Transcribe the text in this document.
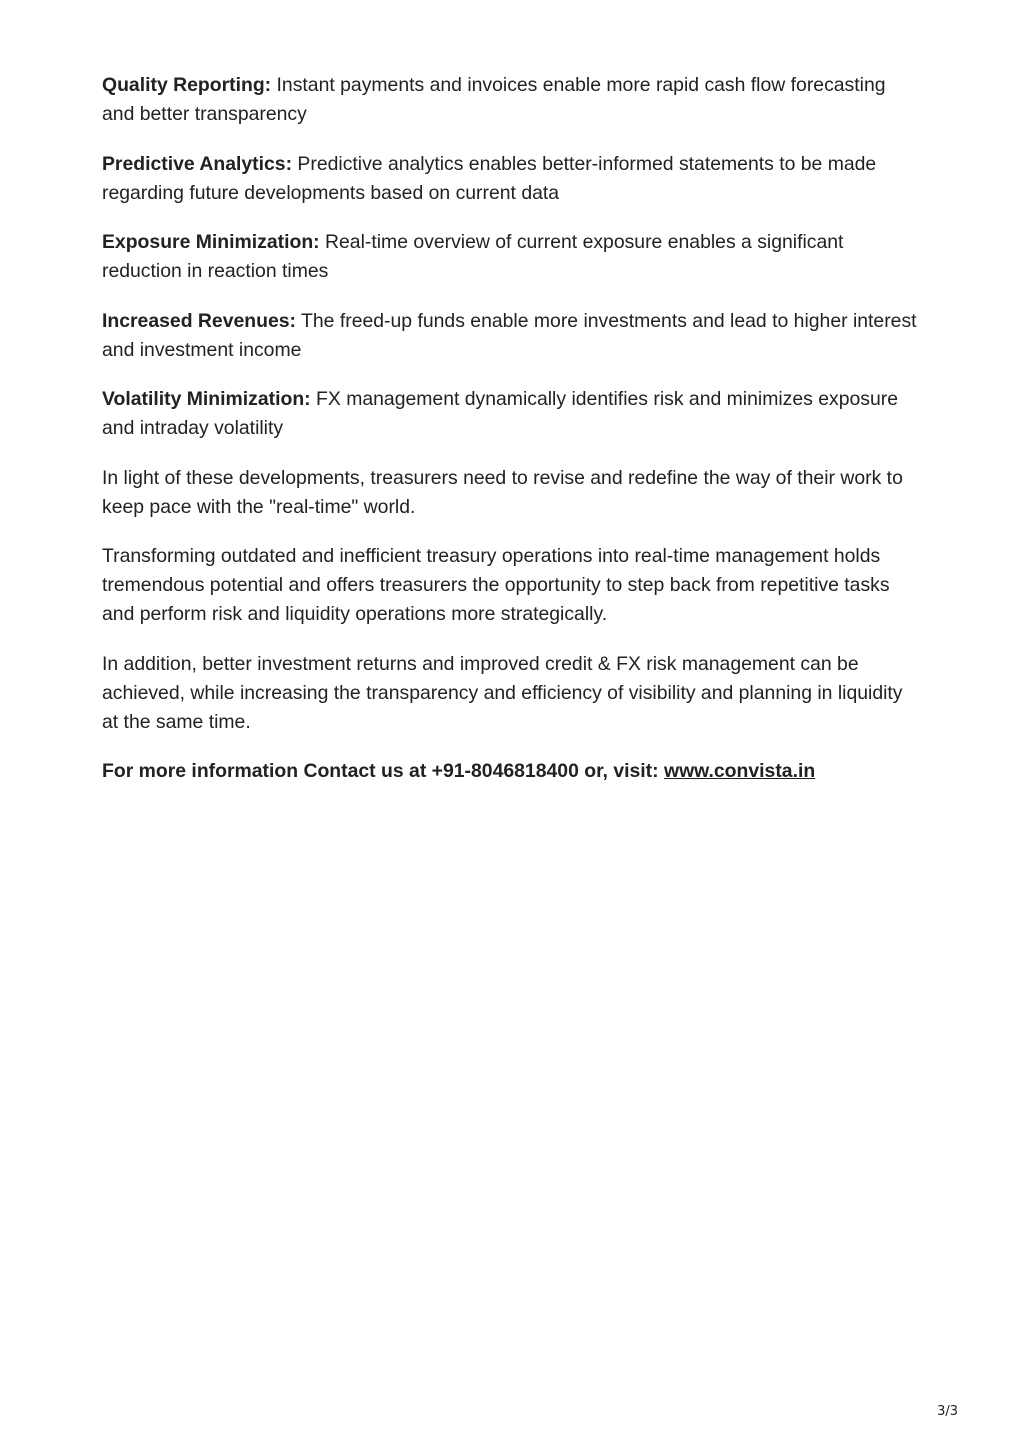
Quality Reporting: Instant payments and invoices enable more rapid cash flow forecasting and better transparency

Predictive Analytics: Predictive analytics enables better-informed statements to be made regarding future developments based on current data

Exposure Minimization: Real-time overview of current exposure enables a significant reduction in reaction times

Increased Revenues: The freed-up funds enable more investments and lead to higher interest and investment income

Volatility Minimization: FX management dynamically identifies risk and minimizes exposure and intraday volatility

In light of these developments, treasurers need to revise and redefine the way of their work to keep pace with the "real-time" world.

Transforming outdated and inefficient treasury operations into real-time management holds tremendous potential and offers treasurers the opportunity to step back from repetitive tasks and perform risk and liquidity operations more strategically.

In addition, better investment returns and improved credit & FX risk management can be achieved, while increasing the transparency and efficiency of visibility and planning in liquidity at the same time.

For more information Contact us at +91-8046818400 or, visit: www.convista.in

3/3
